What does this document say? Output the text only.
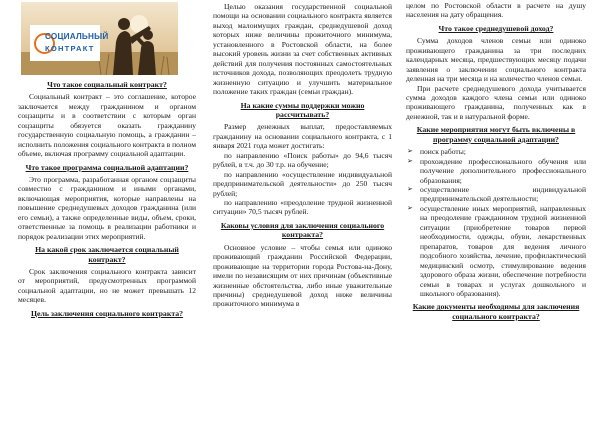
СОЦИАЛЬНЫЙ
КОНТРАКТ
Что такое социальный контракт?

Социальный контракт – это соглашение, которое заключается между гражданином и органом соцзащиты и в соответствии с которым орган соцзащиты обязуется оказать гражданину государственную социальную помощь, а гражданин – исполнить положения социального контракта в полном объеме, включая программу социальной адаптации.

Что такое программа социальной адаптации?

Это программа, разработанная органом соцзащиты совместно с гражданином и иными органами, включающая мероприятия, которые направлены на повышение среднедушевых доходов гражданина (или его семьи), а также определенные виды, объем, сроки, ответственные за помощь в реализации работники и порядок реализации этих мероприятий.

На какой срок заключается социальный контракт?

Срок заключения социального контракта зависит от мероприятий, предусмотренных программой социальной адаптации, но не может превышать 12 месяцев.

Цель заключения социального контракта?

Целью оказания государственной социальной помощи на основании социального контракта является выход малоимущих граждан, среднедушевой доход которых ниже величины прожиточного минимума, установленного в Ростовской области, на более высокий уровень жизни за счет собственных активных действий для получения постоянных самостоятельных источников дохода, позволяющих преодолеть трудную жизненную ситуацию и улучшить материальное положение таких граждан (семьи граждан).

На какие суммы поддержки можно рассчитывать?

Размер денежных выплат, предоставляемых гражданину на основании социального контракта, с 1 января 2021 года может достигать:

по направлению «Поиск работы» до 94,6 тысяч рублей, в т.ч. до 30 т.р. на обучение;

по направлению «осуществление индивидуальной предпринимательской деятельности» до 250 тысяч рублей;

по направлению «преодоление трудной жизненной ситуации» 70,5 тысяч рублей.

Каковы условия для заключения социального контракта?

Основное условие – чтобы семья или одиноко проживающий гражданин Российской Федерации, проживающие на территории города Ростова-на-Дону, имели по независящим от них причинам (объективные жизненные обстоятельства, либо иные уважительные причины) среднедушевой доход ниже величины прожиточного минимума в

целом по Ростовской области в расчете на душу населения на дату обращения.

Что такое среднедушевой доход?

Сумма доходов членов семьи или одиноко проживающего гражданина за три последних календарных месяца, предшествующих месяцу подачи заявления о заключении социального контракта деленная на три месяца и на количество членов семьи.

При расчете среднедушевого дохода учитывается сумма доходов каждого члена семьи или одиноко проживающего гражданина, полученных как в денежной, так и в натуральной форме.

Какие мероприятия могут быть включены в программу социальной адаптации?
➢ поиск работы;
➢ прохождение профессионального обучения или получение дополнительного профессионального образования;
➢ осуществление индивидуальной предпринимательской деятельности;
➢ осуществление иных мероприятий, направленных на преодоление гражданином трудной жизненной ситуации (приобретение товаров первой необходимости, одежды, обуви, лекарственных препаратов, товаров для ведения личного подсобного хозяйства, лечение, профилактический медицинский осмотр, стимулирование ведения здорового образа жизни, обеспечение потребности семьи в товарах и услугах дошкольного и школьного образования).
Какие документы необходимы для заключения социального контракта?
